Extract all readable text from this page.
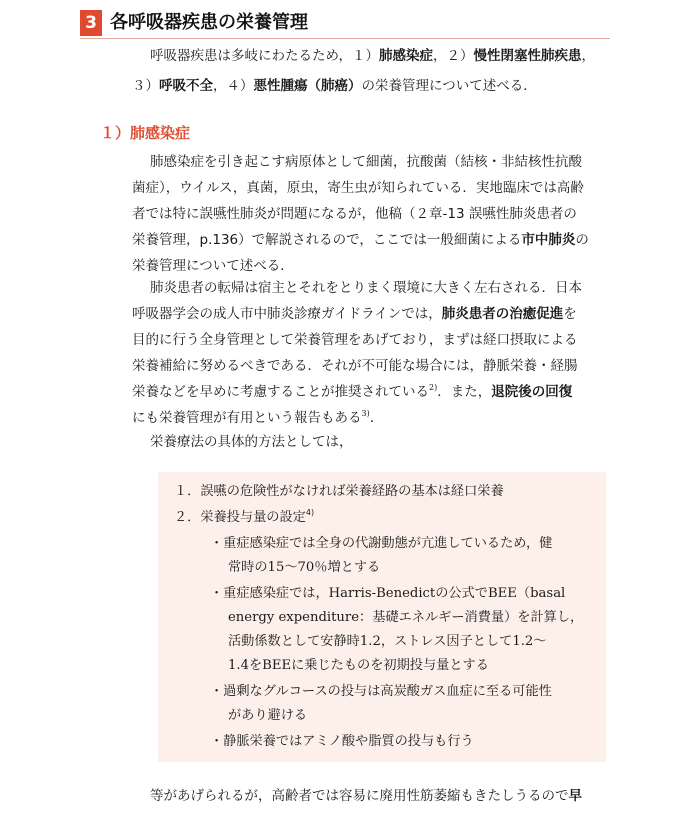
3 各呼吸器疾患の栄養管理
呼吸器疾患は多岐にわたるため，１）肺感染症，２）慢性閉塞性肺疾患，
３）呼吸不全，４）悪性腫瘍（肺癌）の栄養管理について述べる．
１）肺感染症
肺感染症を引き起こす病原体として細菌，抗酸菌（結核・非結核性抗酸
菌症），ウイルス，真菌，原虫，寄生虫が知られている．実地臨床では高齢
者では特に誤嚥性肺炎が問題になるが，他稿（２章-13 誤嚥性肺炎患者の
栄養管理，p.136）で解説されるので，ここでは一般細菌による市中肺炎の
栄養管理について述べる．
肺炎患者の転帰は宿主とそれをとりまく環境に大きく左右される．日本
呼吸器学会の成人市中肺炎診療ガイドラインでは，肺炎患者の治癒促進を
目的に行う全身管理として栄養管理をあげており，まずは経口摂取による
栄養補給に努めるべきである．それが不可能な場合には，静脈栄養・経腸
栄養などを早めに考慮することが推奨されている$^{2)}$．また，退院後の回復
にも栄養管理が有用という報告もある$^{3)}$．
栄養療法の具体的方法としては，
１．誤嚥の危険性がなければ栄養経路の基本は経口栄養
２．栄養投与量の設定$^{4)}$
・重症感染症では全身の代謝動態が亢進しているため，健
常時の15～70％増とする
・重症感染症では，Harris-Benedictの公式でBEE（basal
energy expenditure：基礎エネルギー消費量）を計算し，
活動係数として安静時1.2，ストレス因子として1.2～
1.4をBEEに乗じたものを初期投与量とする
・過剰なグルコースの投与は高炭酸ガス血症に至る可能性
があり避ける
・静脈栄養ではアミノ酸や脂質の投与も行う
等があげられるが，高齢者では容易に廃用性筋萎縮もきたしうるので早
